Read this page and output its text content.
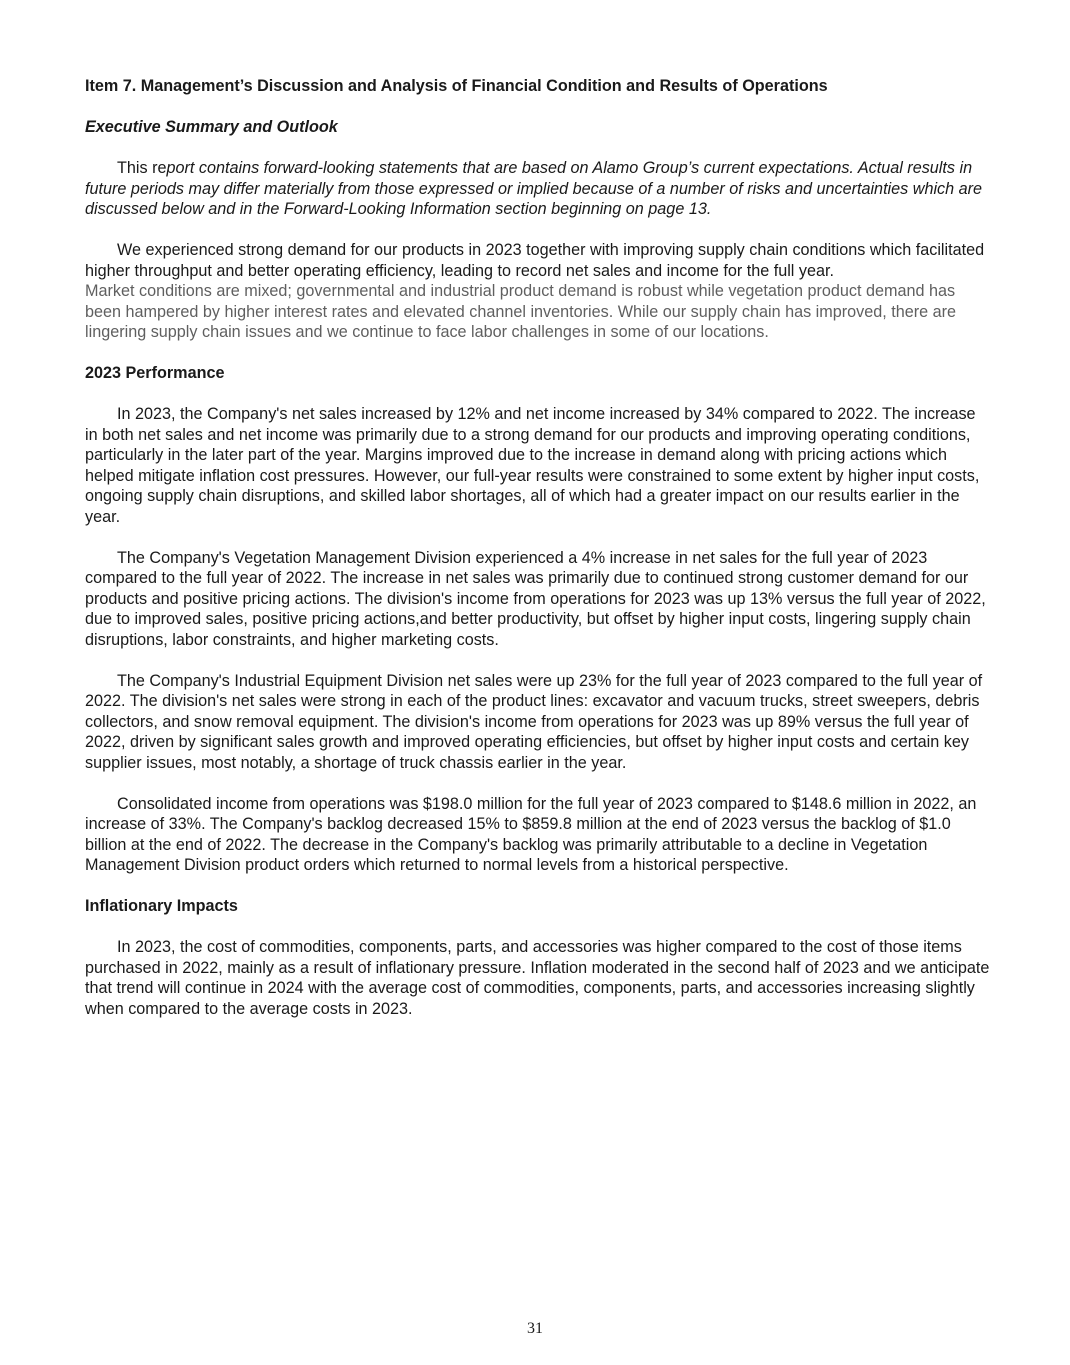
Item 7. Management’s Discussion and Analysis of Financial Condition and Results of Operations

Executive Summary and Outlook

This report contains forward-looking statements that are based on Alamo Group’s current expectations. Actual results in future periods may differ materially from those expressed or implied because of a number of risks and uncertainties which are discussed below and in the Forward-Looking Information section beginning on page 13.

We experienced strong demand for our products in 2023 together with improving supply chain conditions which facilitated higher throughput and better operating efficiency, leading to record net sales and income for the full year.
Market conditions are mixed; governmental and industrial product demand is robust while vegetation product demand has been hampered by higher interest rates and elevated channel inventories. While our supply chain has improved, there are lingering supply chain issues and we continue to face labor challenges in some of our locations.

2023 Performance

In 2023, the Company's net sales increased by 12% and net income increased by 34% compared to 2022. The increase in both net sales and net income was primarily due to a strong demand for our products and improving operating conditions, particularly in the later part of the year. Margins improved due to the increase in demand along with pricing actions which helped mitigate inflation cost pressures. However, our full-year results were constrained to some extent by higher input costs, ongoing supply chain disruptions, and skilled labor shortages, all of which had a greater impact on our results earlier in the year.

The Company's Vegetation Management Division experienced a 4% increase in net sales for the full year of 2023 compared to the full year of 2022. The increase in net sales was primarily due to continued strong customer demand for our products and positive pricing actions. The division's income from operations for 2023 was up 13% versus the full year of 2022, due to improved sales, positive pricing actions,and better productivity, but offset by higher input costs, lingering supply chain disruptions, labor constraints, and higher marketing costs.

The Company's Industrial Equipment Division net sales were up 23% for the full year of 2023 compared to the full year of 2022. The division's net sales were strong in each of the product lines: excavator and vacuum trucks, street sweepers, debris collectors, and snow removal equipment. The division's income from operations for 2023 was up 89% versus the full year of 2022, driven by significant sales growth and improved operating efficiencies, but offset by higher input costs and certain key supplier issues, most notably, a shortage of truck chassis earlier in the year.

Consolidated income from operations was $198.0 million for the full year of 2023 compared to $148.6 million in 2022, an increase of 33%. The Company's backlog decreased 15% to $859.8 million at the end of 2023 versus the backlog of $1.0 billion at the end of 2022. The decrease in the Company's backlog was primarily attributable to a decline in Vegetation Management Division product orders which returned to normal levels from a historical perspective.

Inflationary Impacts

In 2023, the cost of commodities, components, parts, and accessories was higher compared to the cost of those items purchased in 2022, mainly as a result of inflationary pressure. Inflation moderated in the second half of 2023 and we anticipate that trend will continue in 2024 with the average cost of commodities, components, parts, and accessories increasing slightly when compared to the average costs in 2023.

31
